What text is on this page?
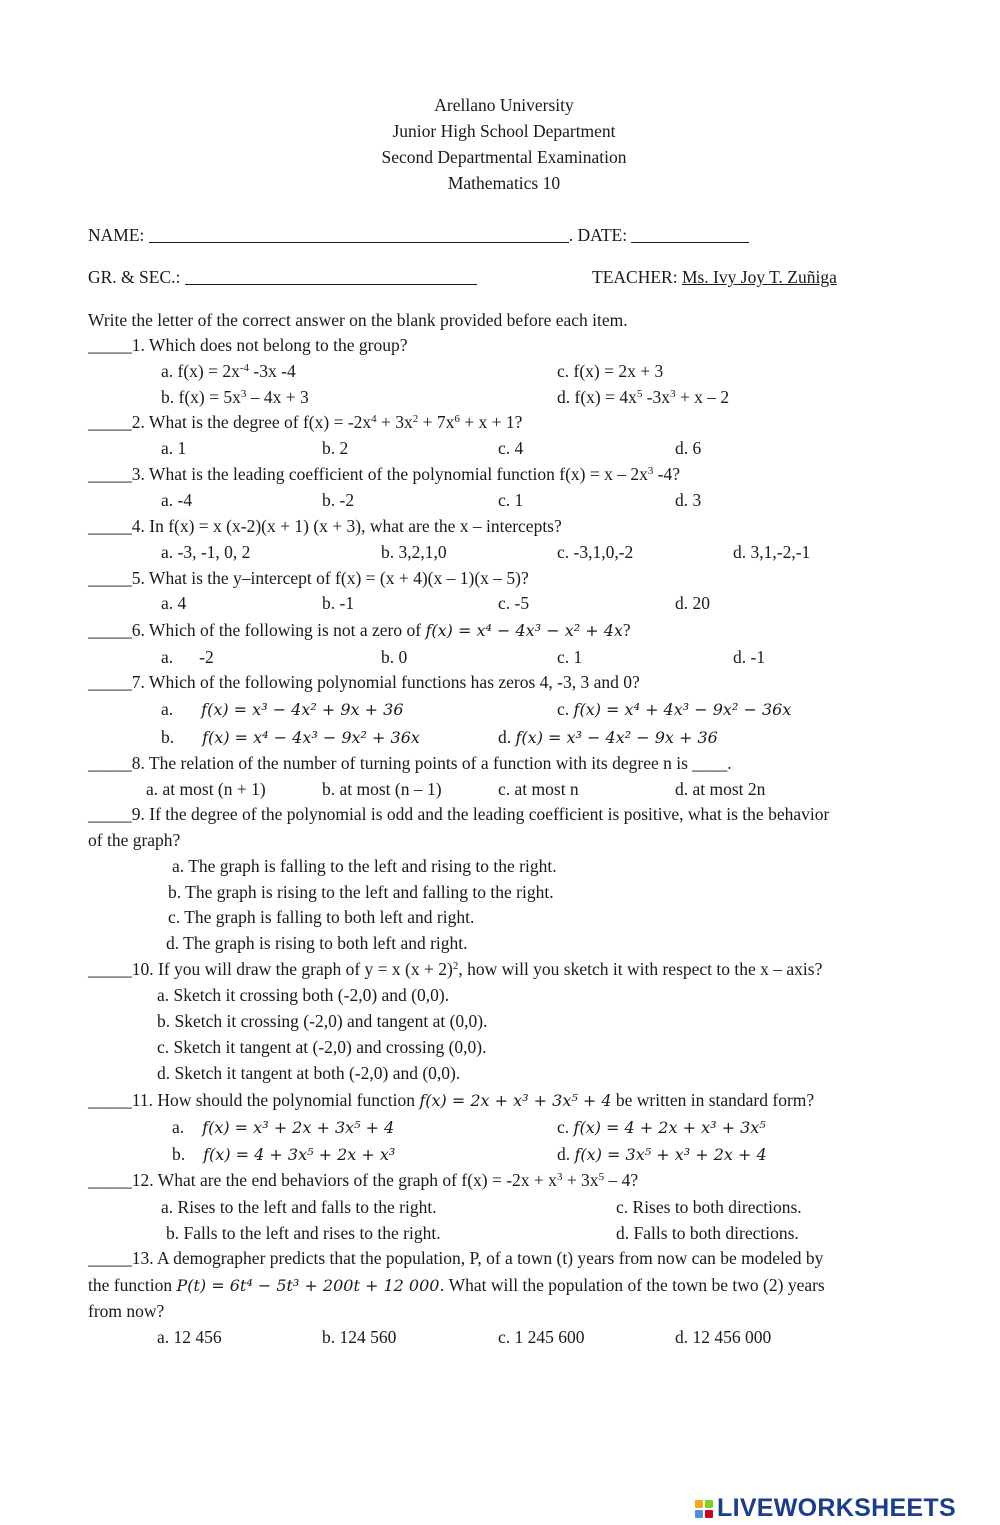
Arellano University
Junior High School Department
Second Departmental Examination
Mathematics 10
NAME:	. DATE:
GR. & SEC.:	TEACHER: Ms. Ivy Joy T. Zuñiga
Write the letter of the correct answer on the blank provided before each item.
_____1. Which does not belong to the group?
a. $f(x) = 2x^{-4}$ -3x -4	c. f(x) = 2x + 3
b. $f(x) = 5x^3 - 4x + 3$	d. $f(x) = 4x^5$ $-3x^3 + x - 2$
_____2. What is the degree of $f(x) = -2x^4 + 3x^2 + 7x^6 + x + 1$?
a. 1	b. 2	c. 4	d. 6
_____3. What is the leading coefficient of the polynomial function $f(x) = x - 2x^3$ -4?
a. -4	b. -2	c. 1	d. 3
_____4. In f(x) = x (x-2)(x + 1) (x + 3), what are the x – intercepts?
a. -3, -1, 0, 2	b. 3,2,1,0	c. -3,1,0,-2	d. 3,1,-2,-1
_____5. What is the y–intercept of f(x) = (x + 4)(x – 1)(x – 5)?
a. 4	b. -1	c. -5	d. 20
_____6. Which of the following is not a zero of f(x) = x⁴ − 4x³ − x² + 4x?
a. -2	b. 0	c. 1	d. -1
_____7. Which of the following polynomial functions has zeros 4, -3, 3 and 0?
a. f(x) = x³ − 4x² + 9x + 36	c. f(x) = x⁴ + 4x³ − 9x² − 36x
b. f(x) = x⁴ − 4x³ − 9x² + 36x	d. f(x) = x³ − 4x² − 9x + 36
_____8. The relation of the number of turning points of a function with its degree n is ____.
a. at most (n + 1)	b. at most (n – 1)	c. at most n	d. at most 2n
_____9. If the degree of the polynomial is odd and the leading coefficient is positive, what is the behavior
of the graph?
a. The graph is falling to the left and rising to the right.
b. The graph is rising to the left and falling to the right.
c. The graph is falling to both left and right.
d. The graph is rising to both left and right.
_____10. If you will draw the graph of y = x $(x + 2)^2$, how will you sketch it with respect to the x – axis?
a. Sketch it crossing both (-2,0) and (0,0).
b. Sketch it crossing (-2,0) and tangent at (0,0).
c. Sketch it tangent at (-2,0) and crossing (0,0).
d. Sketch it tangent at both (-2,0) and (0,0).
_____11. How should the polynomial function f(x) = 2x + x³ + 3x⁵ + 4 be written in standard form?
a. f(x) = x³ + 2x + 3x⁵ + 4	c. f(x) = 4 + 2x + x³ + 3x⁵
b. f(x) = 4 + 3x⁵ + 2x + x³	d. f(x) = 3x⁵ + x³ + 2x + 4
_____12. What are the end behaviors of the graph of $f(x) = -2x + x^3 + 3x^5 - 4$?
a. Rises to the left and falls to the right.	c. Rises to both directions.
b. Falls to the left and rises to the right.	d. Falls to both directions.
_____13. A demographer predicts that the population, P, of a town (t) years from now can be modeled by
the function P(t) = 6t⁴ − 5t³ + 200t + 12 000. What will the population of the town be two (2) years
from now?
a. 12 456	b. 124 560	c. 1 245 600	d. 12 456 000
LIVEWORKSHEETS
